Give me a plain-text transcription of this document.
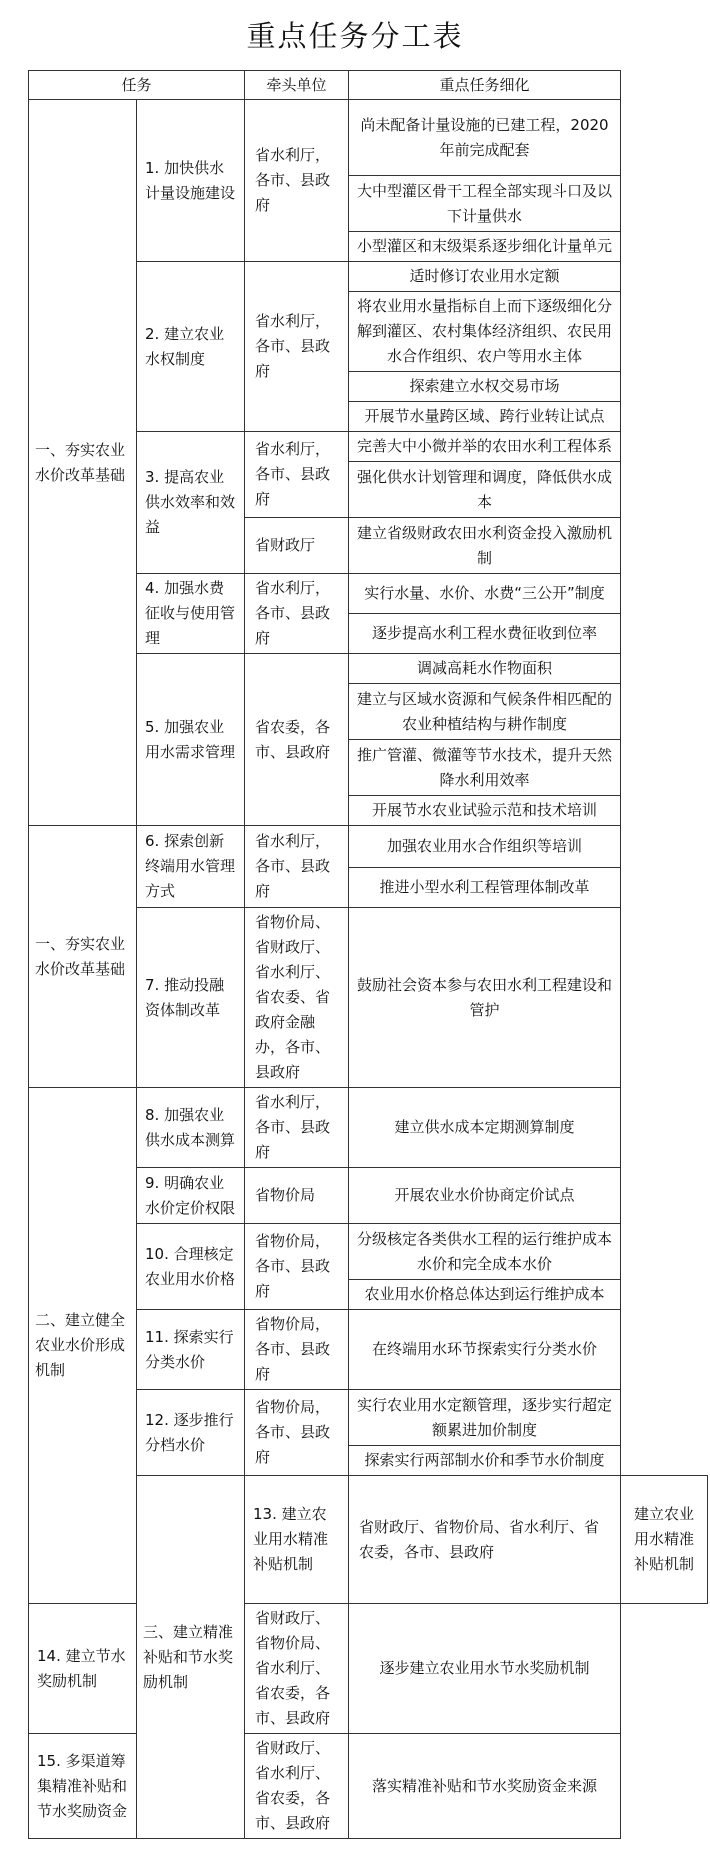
重点任务分工表
任务		牵头单位	重点任务细化	
一、夯实农业水价改革基础	1. 加快供水计量设施建设	省水利厅，各市、县政府	尚未配备计量设施的已建工程，2020年前完成配套	
			大中型灌区骨干工程全部实现斗口及以下计量供水	
			小型灌区和末级渠系逐步细化计量单元	
	2. 建立农业水权制度	省水利厅，各市、县政府	适时修订农业用水定额	
			将农业用水量指标自上而下逐级细化分解到灌区、农村集体经济组织、农民用水合作组织、农户等用水主体	
			探索建立水权交易市场	
			开展节水量跨区域、跨行业转让试点	
	3. 提高农业供水效率和效益	省水利厅，各市、县政府	完善大中小微并举的农田水利工程体系	
			强化供水计划管理和调度，降低供水成本	
		省财政厅	建立省级财政农田水利资金投入激励机制	
	4. 加强水费征收与使用管理	省水利厅，各市、县政府	实行水量、水价、水费“三公开”制度	
			逐步提高水利工程水费征收到位率	
	5. 加强农业用水需求管理	省农委，各市、县政府	调减高耗水作物面积	
			建立与区域水资源和气候条件相匹配的农业种植结构与耕作制度	
			推广管灌、微灌等节水技术，提升天然降水利用效率	
			开展节水农业试验示范和技术培训	
一、夯实农业水价改革基础	6. 探索创新终端用水管理方式	省水利厅，各市、县政府	加强农业用水合作组织等培训	
			推进小型水利工程管理体制改革	
	7. 推动投融资体制改革	省物价局、省财政厅、省水利厅、省农委、省政府金融办，各市、县政府	鼓励社会资本参与农田水利工程建设和管护	
二、建立健全农业水价形成机制	8. 加强农业供水成本测算	省水利厅，各市、县政府	建立供水成本定期测算制度	
	9. 明确农业水价定价权限	省物价局	开展农业水价协商定价试点	
	10. 合理核定农业用水价格	省物价局，各市、县政府	分级核定各类供水工程的运行维护成本水价和完全成本水价	
			农业用水价格总体达到运行维护成本	
	11. 探索实行分类水价	省物价局，各市、县政府	在终端用水环节探索实行分类水价	
	12. 逐步推行分档水价	省物价局，各市、县政府	实行农业用水定额管理，逐步实行超定额累进加价制度	
			探索实行两部制水价和季节水价制度	
	三、建立精准补贴和节水奖励机制	13. 建立农业用水精准补贴机制	省财政厅、省物价局、省水利厅、省农委，各市、县政府	建立农业用水精准补贴机制
14. 建立节水奖励机制		省财政厅、省物价局、省水利厅、省农委，各市、县政府	逐步建立农业用水节水奖励机制	
15. 多渠道筹集精准补贴和节水奖励资金		省财政厅、省水利厅、省农委，各市、县政府	落实精准补贴和节水奖励资金来源	
